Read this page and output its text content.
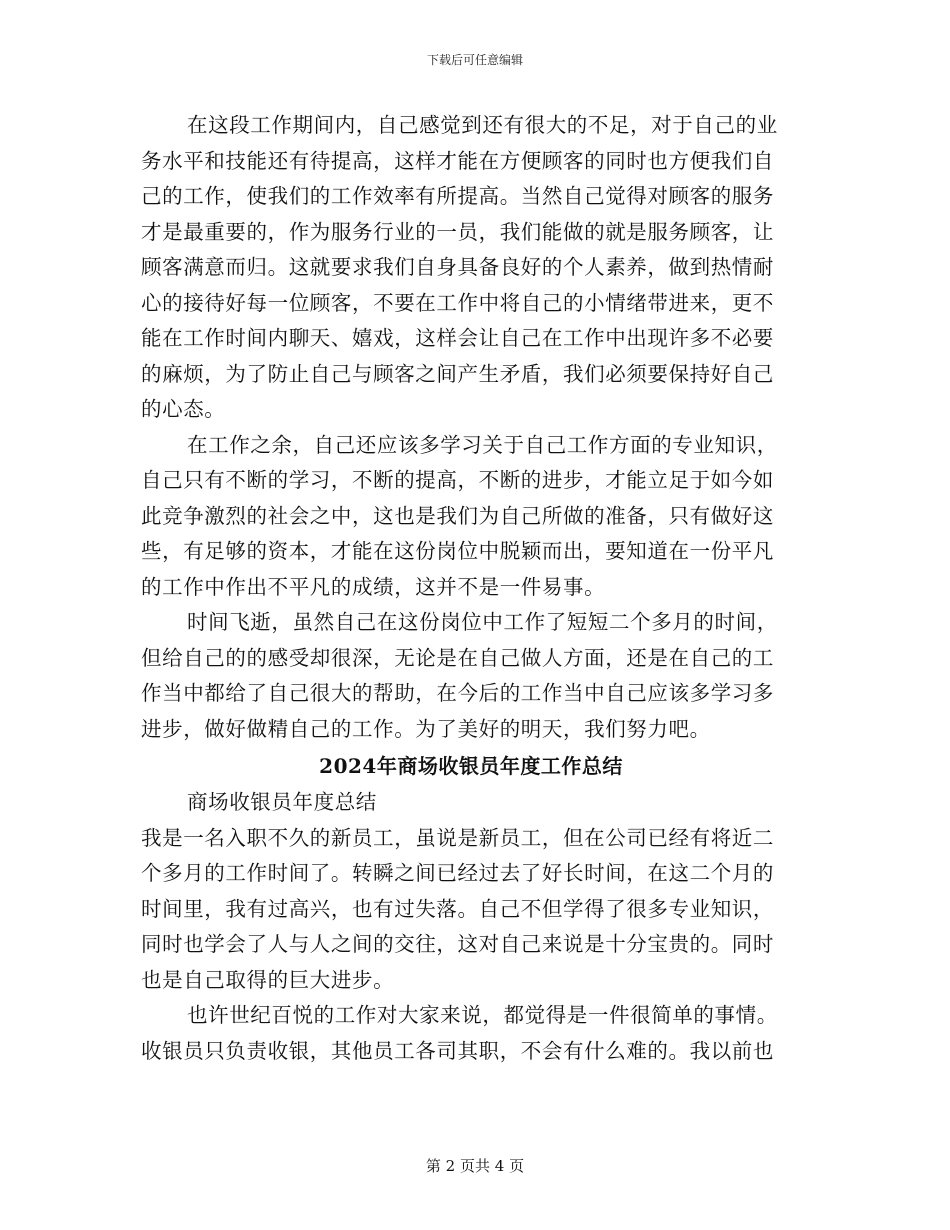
下载后可任意编辑
在这段工作期间内，自己感觉到还有很大的不足，对于自己的业
务水平和技能还有待提高，这样才能在方便顾客的同时也方便我们自
己的工作，使我们的工作效率有所提高。当然自己觉得对顾客的服务
才是最重要的，作为服务行业的一员，我们能做的就是服务顾客，让
顾客满意而归。这就要求我们自身具备良好的个人素养，做到热情耐
心的接待好每一位顾客，不要在工作中将自己的小情绪带进来，更不
能在工作时间内聊天、嬉戏，这样会让自己在工作中出现许多不必要
的麻烦，为了防止自己与顾客之间产生矛盾，我们必须要保持好自己
的心态。
在工作之余，自己还应该多学习关于自己工作方面的专业知识，
自己只有不断的学习，不断的提高，不断的进步，才能立足于如今如
此竞争激烈的社会之中，这也是我们为自己所做的准备，只有做好这
些，有足够的资本，才能在这份岗位中脱颖而出，要知道在一份平凡
的工作中作出不平凡的成绩，这并不是一件易事。
时间飞逝，虽然自己在这份岗位中工作了短短二个多月的时间，
但给自己的的感受却很深，无论是在自己做人方面，还是在自己的工
作当中都给了自己很大的帮助，在今后的工作当中自己应该多学习多
进步，做好做精自己的工作。为了美好的明天，我们努力吧。
2024年商场收银员年度工作总结
商场收银员年度总结
我是一名入职不久的新员工，虽说是新员工，但在公司已经有将近二
个多月的工作时间了。转瞬之间已经过去了好长时间，在这二个月的
时间里，我有过高兴，也有过失落。自己不但学得了很多专业知识，
同时也学会了人与人之间的交往，这对自己来说是十分宝贵的。同时
也是自己取得的巨大进步。
也许世纪百悦的工作对大家来说，都觉得是一件很简单的事情。
收银员只负责收银，其他员工各司其职，不会有什么难的。我以前也
第 2 页共 4 页
